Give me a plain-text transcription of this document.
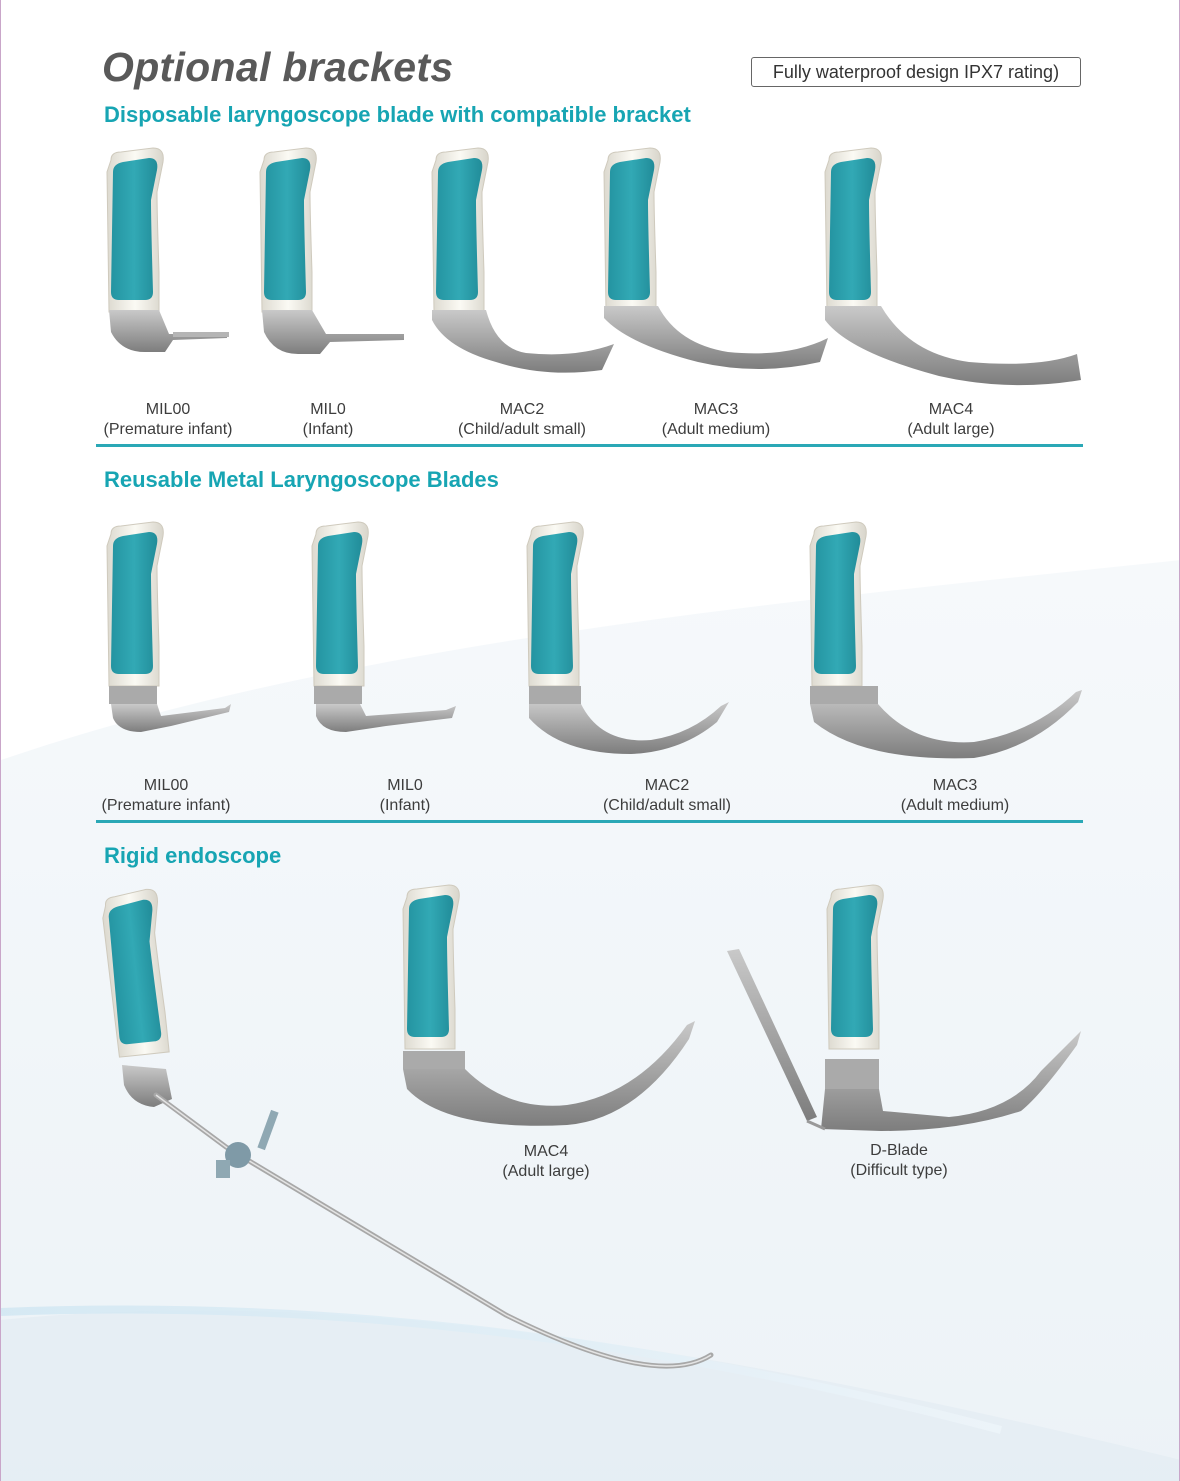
Optional brackets	Fully waterproof design IPX7 rating)
Disposable laryngoscope blade with compatible bracket
MIL00
(Premature infant)
MIL0
(Infant)
MAC2
(Child/adult small)
MAC3
(Adult medium)
MAC4
(Adult large)
Reusable Metal Laryngoscope Blades
MIL00
(Premature infant)
MIL0
(Infant)
MAC2
(Child/adult small)
MAC3
(Adult medium)
Rigid endoscope
MAC4
(Adult large)
D-Blade
(Difficult type)
